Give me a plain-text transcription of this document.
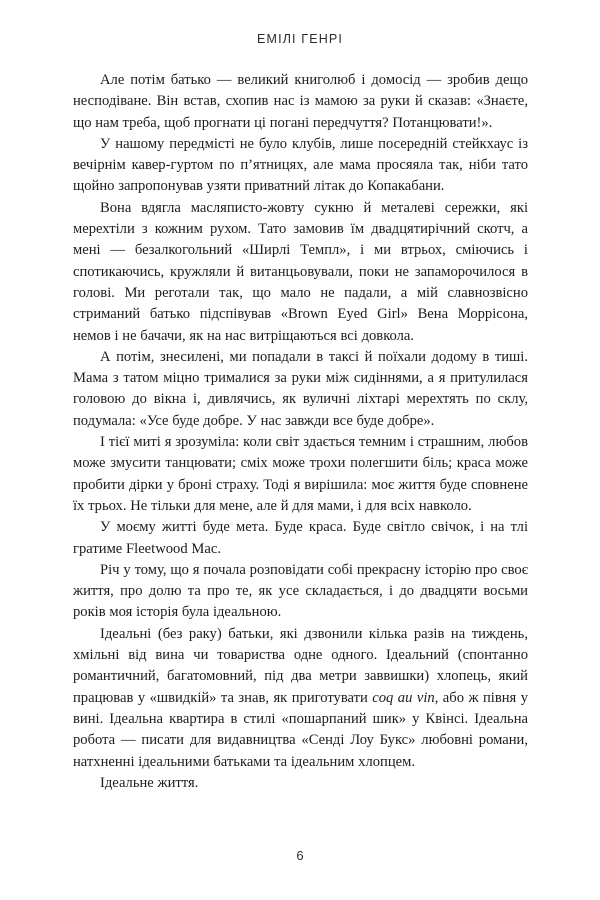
ЕМІЛІ ГЕНРІ

Але потім батько — великий книголюб і домосід — зробив дещо несподіване. Він встав, схопив нас із мамою за руки й сказав: «Знаєте, що нам треба, щоб прогнати ці погані передчуття? Потанцювати!».

У нашому передмісті не було клубів, лише посередній стейкхаус із вечірнім кавер-гуртом по п’ятницях, але мама просяяла так, ніби тато щойно запропонував узяти приватний літак до Копакабани.

Вона вдягла масляписто-жовту сукню й металеві сережки, які мерехтіли з кожним рухом. Тато замовив їм двадцятирічний скотч, а мені — безалкогольний «Ширлі Темпл», і ми втрьох, сміючись і спотикаючись, кружляли й витанцьовували, поки не запаморочилося в голові. Ми реготали так, що мало не падали, а мій славнозвісно стриманий батько підспівував «Brown Eyed Girl» Вена Моррісона, немов і не бачачи, як на нас витріщаються всі довкола.

А потім, знесилені, ми попадали в таксі й поїхали додому в тиші. Мама з татом міцно трималися за руки між сидіннями, а я притулилася головою до вікна і, дивлячись, як вуличні ліхтарі мерехтять по склу, подумала: «Усе буде добре. У нас завжди все буде добре».

І тієї миті я зрозуміла: коли світ здається темним і страшним, любов може змусити танцювати; сміх може трохи полегшити біль; краса може пробити дірки у броні страху. Тоді я вирішила: моє життя буде сповнене їх трьох. Не тільки для мене, але й для мами, і для всіх навколо.

У моєму житті буде мета. Буде краса. Буде світло свічок, і на тлі гратиме Fleetwood Mac.

Річ у тому, що я почала розповідати собі прекрасну історію про своє життя, про долю та про те, як усе складається, і до двадцяти восьми років моя історія була ідеальною.

Ідеальні (без раку) батьки, які дзвонили кілька разів на тиждень, хмільні від вина чи товариства одне одного. Ідеальний (спонтанно романтичний, багатомовний, під два метри заввишки) хлопець, який працював у «швидкій» та знав, як приготувати coq au vin, або ж півня у вині. Ідеальна квартира в стилі «пошарпаний шик» у Квінсі. Ідеальна робота — писати для видавництва «Сенді Лоу Букс» любовні романи, натхненні ідеальними батьками та ідеальним хлопцем.

Ідеальне життя.

6
